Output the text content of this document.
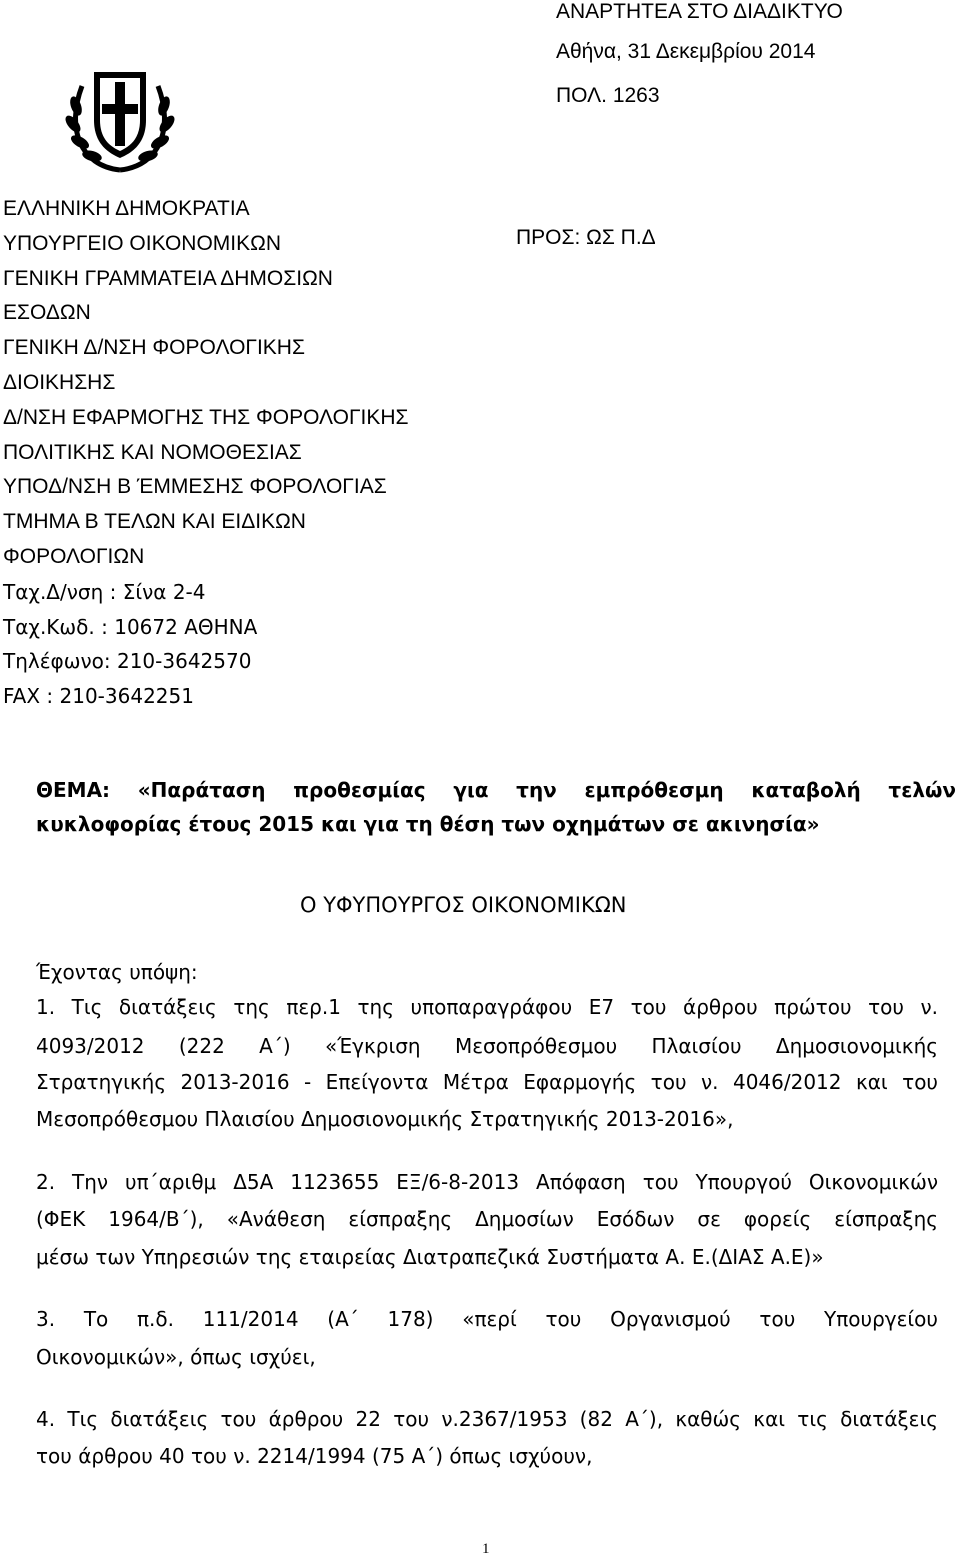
ΑΝΑΡΤΗΤΕΑ ΣΤΟ ΔΙΑΔΙΚΤΥΟ
Αθήνα, 31 Δεκεμβρίου 2014
ΠΟΛ. 1263
ΕΛΛΗΝΙΚΗ ΔΗΜΟΚΡΑΤΙΑ
ΥΠΟΥΡΓΕΙΟ ΟΙΚΟΝΟΜΙΚΩΝ
ΓΕΝΙΚΗ ΓΡΑΜΜΑΤΕΙΑ ΔΗΜΟΣΙΩΝ
ΕΣΟΔΩΝ
ΓΕΝΙΚΗ Δ/ΝΣΗ ΦΟΡΟΛΟΓΙΚΗΣ
ΔΙΟΙΚΗΣΗΣ
Δ/ΝΣΗ ΕΦΑΡΜΟΓΗΣ ΤΗΣ ΦΟΡΟΛΟΓΙΚΗΣ
ΠΟΛΙΤΙΚΗΣ ΚΑΙ ΝΟΜΟΘΕΣΙΑΣ
ΥΠΟΔ/ΝΣΗ Β ΈΜΜΕΣΗΣ ΦΟΡΟΛΟΓΙΑΣ
ΤΜΗΜΑ Β ΤΕΛΩΝ ΚΑΙ ΕΙΔΙΚΩΝ
ΦΟΡΟΛΟΓΙΩΝ
Ταχ.Δ/νση : Σίνα 2-4
Ταχ.Κωδ. : 10672 ΑΘΗΝΑ
Τηλέφωνο: 210-3642570
FAX : 210-3642251
ΠΡΟΣ: ΩΣ Π.Δ
ΘΕΜΑ: «Παράταση προθεσμίας για την εμπρόθεσμη καταβολή τελών
κυκλοφορίας έτους 2015 και για τη θέση των οχημάτων σε ακινησία»
Ο ΥΦΥΠΟΥΡΓΟΣ ΟΙΚΟΝΟΜΙΚΩΝ
Έχοντας υπόψη:
1. Τις διατάξεις της περ.1 της υποπαραγράφου Ε7 του άρθρου πρώτου του ν.
4093/2012 (222 Α΄) «Έγκριση Μεσοπρόθεσμου Πλαισίου Δημοσιονομικής
Στρατηγικής 2013-2016 - Επείγοντα Μέτρα Εφαρμογής του ν. 4046/2012 και του
Μεσοπρόθεσμου Πλαισίου Δημοσιονομικής Στρατηγικής 2013-2016»,
2. Την υπ΄αριθμ Δ5Α 1123655 ΕΞ/6-8-2013 Απόφαση του Υπουργού Οικονομικών
(ΦΕΚ 1964/Β΄), «Ανάθεση είσπραξης Δημοσίων Εσόδων σε φορείς είσπραξης
μέσω των Υπηρεσιών της εταιρείας Διατραπεζικά Συστήματα Α. Ε.(ΔΙΑΣ Α.Ε)»
3. Το π.δ. 111/2014 (Α΄ 178) «περί του Οργανισμού του Υπουργείου
Οικονομικών», όπως ισχύει,
4. Τις διατάξεις του άρθρου 22 του ν.2367/1953 (82 Α΄), καθώς και τις διατάξεις
του άρθρου 40 του ν. 2214/1994 (75 Α΄) όπως ισχύουν,
1
